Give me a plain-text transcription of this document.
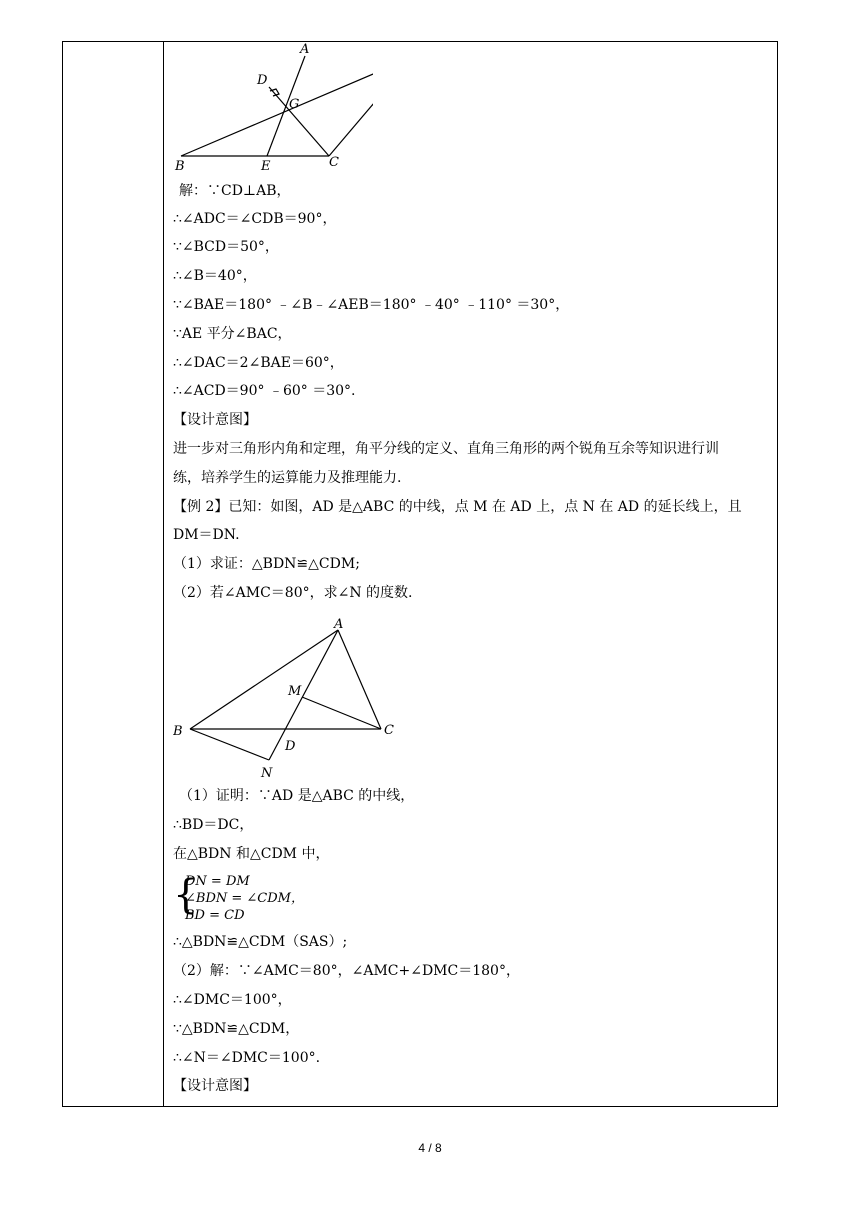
A
D
G
B	E	C
解：∵CD⊥AB，
∴∠ADC＝∠CDB＝90°，
∵∠BCD＝50°，
∴∠B＝40°，
∵∠BAE＝180° ﹣∠B﹣∠AEB＝180° ﹣40° ﹣110° ＝30°，
∵AE 平分∠BAC，
∴∠DAC＝2∠BAE＝60°，
∴∠ACD＝90° ﹣60° ＝30°.
【设计意图】
进一步对三角形内角和定理，角平分线的定义、直角三角形的两个锐角互余等知识进行训
练，培养学生的运算能力及推理能力.
【例 2】已知：如图，AD 是△ABC 的中线，点 M 在 AD 上，点 N 在 AD 的延长线上，且
DM＝DN.
（1）求证：△BDN≌△CDM;
（2）若∠AMC＝80°，求∠N 的度数.
A
M
B	C
D
N
（1）证明：∵AD 是△ABC 的中线，
∴BD＝DC，
在△BDN 和△CDM 中，
{
DN = DM
∠BDN = ∠CDM，
BD = CD
∴△BDN≌△CDM（SAS）;
（2）解：∵∠AMC＝80°，∠AMC+∠DMC＝180°，
∴∠DMC＝100°，
∵△BDN≌△CDM，
∴∠N＝∠DMC＝100°.
【设计意图】
4 / 8
